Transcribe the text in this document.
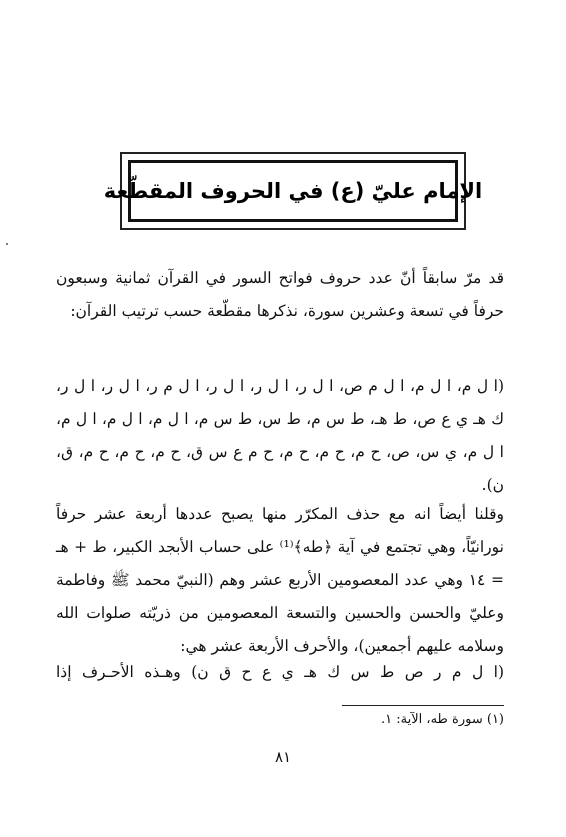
الإمام عليّ (ع) في الحروف المقطّعة

قد مرّ سابقاً أنّ عدد حروف فواتح السور في القرآن ثمانية وسبعون حرفاً في تسعة وعشرين سورة، نذكرها مقطّعة حسب ترتيب القرآن:

(ا ل م، ا ل م، ا ل م ص، ا ل ر، ا ل ر، ا ل ر، ا ل م ر، ا ل ر، ا ل ر، ك هـ ي ع ص، ط هـ، ط س م، ط س، ط س م، ا ل م، ا ل م، ا ل م، ا ل م، ي س، ص، ح م، ح م، ح م، ح م ع س ق، ح م، ح م، ح م، ق، ن).

وقلنا أيضاً انه مع حذف المكرّر منها يصبح عددها أربعة عشر حرفاً نورانيّاً، وهي تجتمع في آية ﴿طه﴾⁽¹⁾ على حساب الأبجد الكبير، ط + هـ = ١٤ وهي عدد المعصومين الأربع عشر وهم (النبيّ محمد ﷺ وفاطمة وعليّ والحسن والحسين والتسعة المعصومين من ذريّته صلوات الله وسلامه عليهم أجمعين)، والأحرف الأربعة عشر هي:

(ا ل م ر ص ط س ك هـ ي ع ح ق ن) وهـذه الأحـرف إذا

(١) سورة طه، الآية: ١.

٨١
